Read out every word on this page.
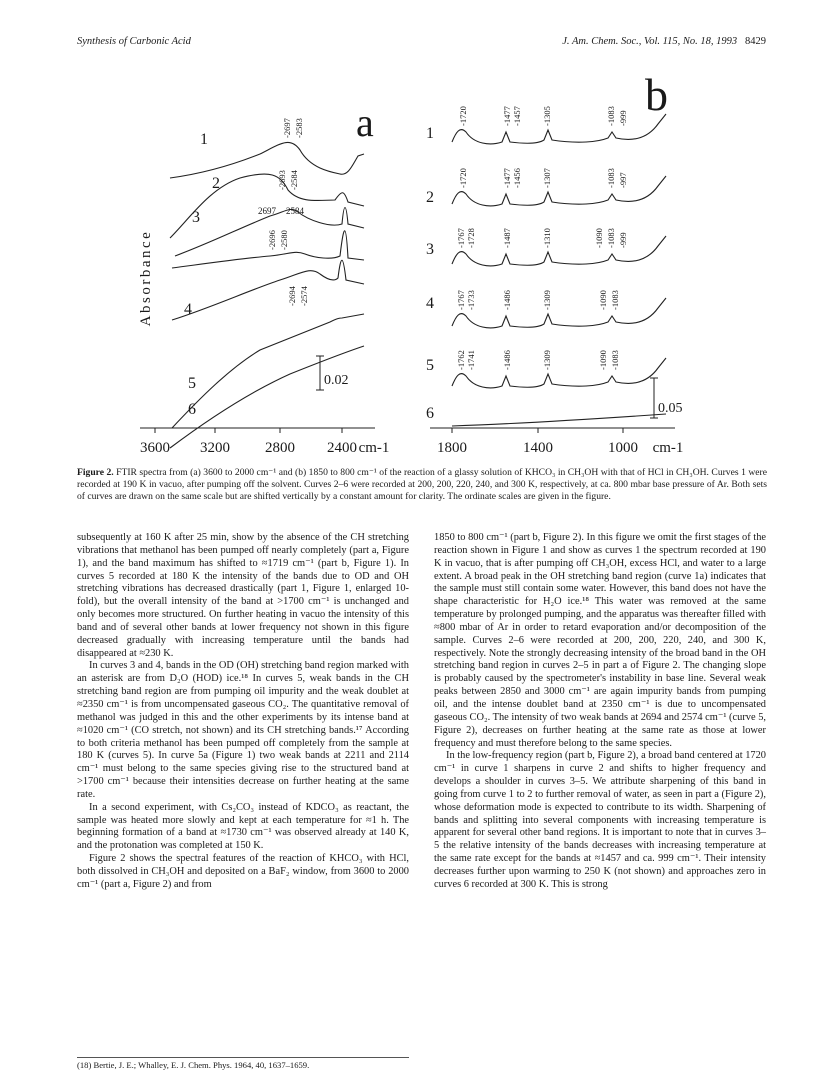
Synthesis of Carbonic Acid	J. Am. Chem. Soc., Vol. 115, No. 18, 1993 8429
3600 3200 2800 2400 cm-1
Absorbance
a
1
2
3
4
5
6
-2697 -2583
-2693 -2584
2697 2584
-2696 -2580
-2694 -2574
0.02
1800	1400	1000 cm-1
b
1
2
3
4
5
6
-1720	-1477 -1457 -1305	-1083 -999
-1720	-1477 -1456 -1307	-1083 -997
-1767 -1728	-1487	-1310	-1090 -1083 -999
-1767 -1733	-1486	-1309	-1090 -1083
-1762 -1741	-1486	-1309	-1090 -1083
0.05
Figure 2. FTIR spectra from (a) 3600 to 2000 cm⁻¹ and (b) 1850 to 800 cm⁻¹ of the reaction of a glassy solution of KHCO₃ in CH₃OH with that of HCl in CH₃OH. Curves 1 were recorded at 190 K in vacuo, after pumping off the solvent. Curves 2–6 were recorded at 200, 200, 220, 240, and 300 K, respectively, at ca. 800 mbar base pressure of Ar. Both sets of curves are drawn on the same scale but are shifted vertically by a constant amount for clarity. The ordinate scales are given in the figure.

subsequently at 160 K after 25 min, show by the absence of the CH stretching vibrations that methanol has been pumped off nearly completely (part a, Figure 1), and the band maximum has shifted to ≈1719 cm⁻¹ (part b, Figure 1). In curves 5 recorded at 180 K the intensity of the bands due to OD and OH stretching vibrations has decreased drastically (part 1, Figure 1, enlarged 10-fold), but the overall intensity of the band at >1700 cm⁻¹ is unchanged and only becomes more structured. On further heating in vacuo the intensity of this band and of several other bands at lower frequency not shown in this figure decreased gradually with increasing temperature until the bands had disappeared at ≈230 K.

In curves 3 and 4, bands in the OD (OH) stretching band region marked with an asterisk are from D₂O (HOD) ice.¹⁸ In curves 5, weak bands in the CH stretching band region are from pumping oil impurity and the weak doublet at ≈2350 cm⁻¹ is from uncompensated gaseous CO₂. The quantitative removal of methanol was judged in this and the other experiments by its intense band at ≈1020 cm⁻¹ (CO stretch, not shown) and its CH stretching bands.¹⁷ According to both criteria methanol has been pumped off completely from the sample at 180 K (curves 5). In curve 5a (Figure 1) two weak bands at 2211 and 2114 cm⁻¹ must belong to the same species giving rise to the structured band at >1700 cm⁻¹ because their intensities decrease on further heating at the same rate.

In a second experiment, with Cs₂CO₃ instead of KDCO₃ as reactant, the sample was heated more slowly and kept at each temperature for ≈1 h. The beginning formation of a band at ≈1730 cm⁻¹ was observed already at 140 K, and the protonation was completed at 150 K.

Figure 2 shows the spectral features of the reaction of KHCO₃ with HCl, both dissolved in CH₃OH and deposited on a BaF₂ window, from 3600 to 2000 cm⁻¹ (part a, Figure 2) and from

1850 to 800 cm⁻¹ (part b, Figure 2). In this figure we omit the first stages of the reaction shown in Figure 1 and show as curves 1 the spectrum recorded at 190 K in vacuo, that is after pumping off CH₃OH, excess HCl, and water to a large extent. A broad peak in the OH stretching band region (curve 1a) indicates that the sample must still contain some water. However, this band does not have the shape characteristic for H₂O ice.¹⁸ This water was removed at the same temperature by prolonged pumping, and the apparatus was thereafter filled with ≈800 mbar of Ar in order to retard evaporation and/or decomposition of the sample. Curves 2–6 were recorded at 200, 200, 220, 240, and 300 K, respectively. Note the strongly decreasing intensity of the broad band in the OH stretching band region in curves 2–5 in part a of Figure 2. The changing slope is probably caused by the spectrometer's instability in base line. Several weak peaks between 2850 and 3000 cm⁻¹ are again impurity bands from pumping oil, and the intense doublet band at 2350 cm⁻¹ is due to uncompensated gaseous CO₂. The intensity of two weak bands at 2694 and 2574 cm⁻¹ (curve 5, Figure 2), decreases on further heating at the same rate as those at lower frequency and must therefore belong to the same species.

In the low-frequency region (part b, Figure 2), a broad band centered at 1720 cm⁻¹ in curve 1 sharpens in curve 2 and shifts to higher frequency and develops a shoulder in curves 3–5. We attribute sharpening of this band in going from curve 1 to 2 to further removal of water, as seen in part a (Figure 2), whose deformation mode is expected to contribute to its width. Sharpening of bands and splitting into several components with increasing temperature is apparent for several other band regions. It is important to note that in curves 3–5 the relative intensity of the bands decreases with increasing temperature at the same rate except for the bands at ≈1457 and ca. 999 cm⁻¹. Their intensity decreases further upon warming to 250 K (not shown) and approaches zero in curves 6 recorded at 300 K. This is strong

(18) Bertie, J. E.; Whalley, E. J. Chem. Phys. 1964, 40, 1637–1659.
